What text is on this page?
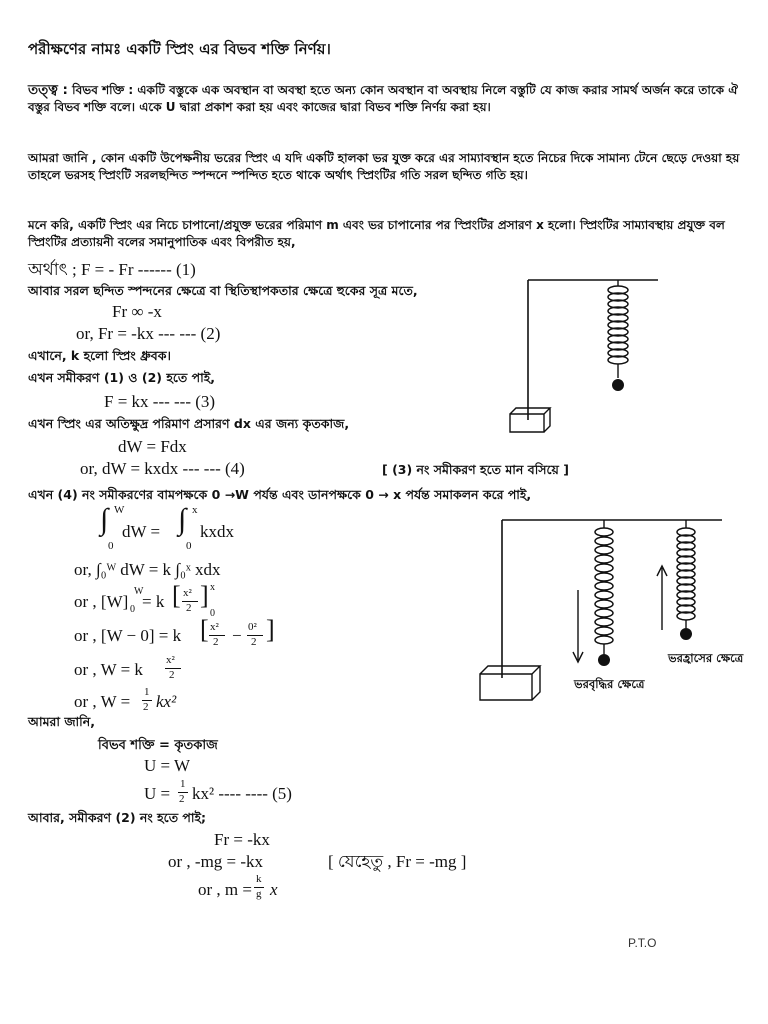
পরীক্ষণের নামঃ একটি স্প্রিং এর বিভব শক্তি নির্ণয়।
তত্ত্ব : বিভব শক্তি : একটি বস্তুকে এক অবস্থান বা অবস্থা হতে অন্য কোন অবস্থান বা অবস্থায় নিলে বস্তুটি যে কাজ করার সামর্থ অর্জন করে তাকে ঐ বস্তুর বিভব শক্তি বলে। একে U দ্বারা প্রকাশ করা হয় এবং কাজের দ্বারা বিভব শক্তি নির্ণয় করা হয়।
আমরা জানি , কোন একটি উপেক্ষনীয় ভরের স্প্রিং এ যদি একটি হালকা ভর যুক্ত করে এর সাম্যাবস্থান হতে নিচের দিকে সামান্য টেনে ছেড়ে দেওয়া হয় তাহলে ভরসহ স্প্রিংটি সরলছন্দিত স্পন্দনে স্পন্দিত হতে থাকে অর্থাৎ স্প্রিংটির গতি সরল ছন্দিত গতি হয়।
মনে করি, একটি স্প্রিং এর নিচে চাপানো/প্রযুক্ত ভরের পরিমাণ m এবং ভর চাপানোর পর স্প্রিংটির প্রসারণ x হলো। স্প্রিংটির সাম্যাবস্থায় প্রযুক্ত বল স্প্রিংটির প্রত্যায়নী বলের সমানুপাতিক এবং বিপরীত হয়,
অর্থাৎ ; F = - Fr ------ (1)
আবার সরল ছন্দিত স্পন্দনের ক্ষেত্রে বা স্থিতিস্থাপকতার ক্ষেত্রে হুকের সূত্র মতে,
Fr ∞ -x
or, Fr = -kx --- --- (2)
এখানে, k হলো স্প্রিং ধ্রুবক।
এখন সমীকরণ (1) ও (2) হতে পাই,
F = kx --- --- (3)
এখন স্প্রিং এর অতিক্ষুদ্র পরিমাণ প্রসারণ dx এর জন্য কৃতকাজ,
dW = Fdx
or, dW = kxdx --- --- (4)	[ (3) নং সমীকরণ হতে মান বসিয়ে ]
এখন (4) নং সমীকরণের বামপক্ষকে 0 →W পর্যন্ত এবং ডানপক্ষকে 0 → x পর্যন্ত সমাকলন করে পাই,
∫ W
0
dW = ∫ x
0
kxdx
or, ∫₀ᵂ dW = k ∫₀ˣ xdx
or , [W]
W
0 = k [ x²
2 ] x
0
or , [W − 0] = k [ x²
2 − 0²
2 ]
or , W = k x²
2
or , W = 1
2 kx²
আমরা জানি,
বিভব শক্তি = কৃতকাজ
U = W
U = 1
2 kx² ---- ---- (5)
আবার, সমীকরণ (2) নং হতে পাই;
Fr = -kx
or , -mg = -kx	[ যেহেতু , Fr = -mg ]
or , m =
k
g x
P.T.O
ভরবৃদ্ধির ক্ষেত্রে
ভরহ্রাসের ক্ষেত্রে
